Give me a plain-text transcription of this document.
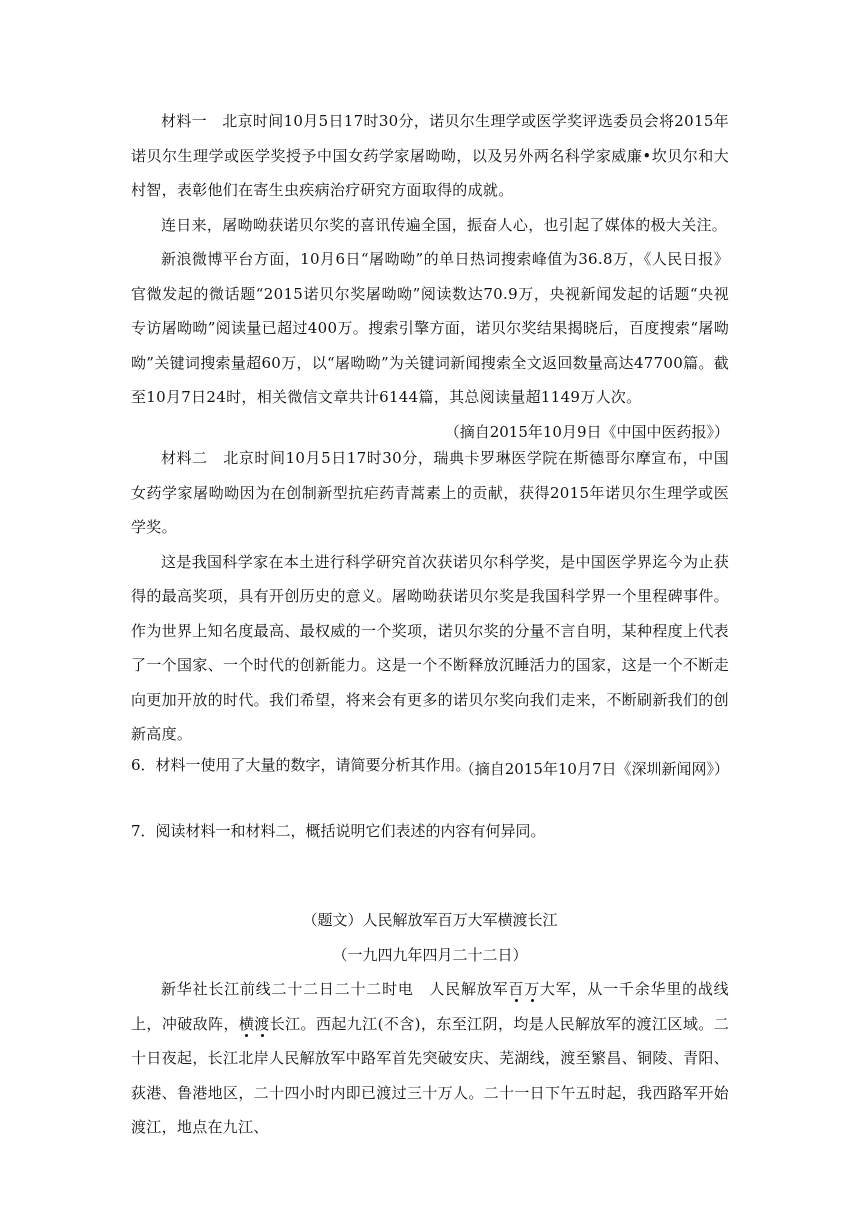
材料一　北京时间10月5日17时30分，诺贝尔生理学或医学奖评选委员会将2015年诺贝尔生理学或医学奖授予中国女药学家屠呦呦，以及另外两名科学家威廉•坎贝尔和大村智，表彰他们在寄生虫疾病治疗研究方面取得的成就。

连日来，屠呦呦获诺贝尔奖的喜讯传遍全国，振奋人心，也引起了媒体的极大关注。

新浪微博平台方面，10月6日“屠呦呦”的单日热词搜索峰值为36.8万，《人民日报》官微发起的微话题“2015诺贝尔奖屠呦呦”阅读数达70.9万，央视新闻发起的话题“央视专访屠呦呦”阅读量已超过400万。搜索引擎方面，诺贝尔奖结果揭晓后，百度搜索“屠呦呦”关键词搜索量超60万，以“屠呦呦”为关键词新闻搜索全文返回数量高达47700篇。截至10月7日24时，相关微信文章共计6144篇，其总阅读量超1149万人次。

（摘自2015年10月9日《中国中医药报》）

材料二　北京时间10月5日17时30分，瑞典卡罗琳医学院在斯德哥尔摩宣布，中国女药学家屠呦呦因为在创制新型抗疟药青蒿素上的贡献，获得2015年诺贝尔生理学或医学奖。

这是我国科学家在本土进行科学研究首次获诺贝尔科学奖，是中国医学界迄今为止获得的最高奖项，具有开创历史的意义。屠呦呦获诺贝尔奖是我国科学界一个里程碑事件。作为世界上知名度最高、最权威的一个奖项，诺贝尔奖的分量不言自明，某种程度上代表了一个国家、一个时代的创新能力。这是一个不断释放沉睡活力的国家，这是一个不断走向更加开放的时代。我们希望，将来会有更多的诺贝尔奖向我们走来，不断刷新我们的创新高度。

（摘自2015年10月7日《深圳新闻网》）

6．材料一使用了大量的数字，请简要分析其作用。

7．阅读材料一和材料二，概括说明它们表述的内容有何异同。

（题文）人民解放军百万大军横渡长江

（一九四九年四月二十二日）

新华社长江前线二十二日二十二时电　人民解放军百万大军，从一千余华里的战线上，冲破敌阵，横渡长江。西起九江(不含)，东至江阴，均是人民解放军的渡江区域。二十日夜起，长江北岸人民解放军中路军首先突破安庆、芜湖线，渡至繁昌、铜陵、青阳、荻港、鲁港地区，二十四小时内即已渡过三十万人。二十一日下午五时起，我西路军开始渡江，地点在九江、
